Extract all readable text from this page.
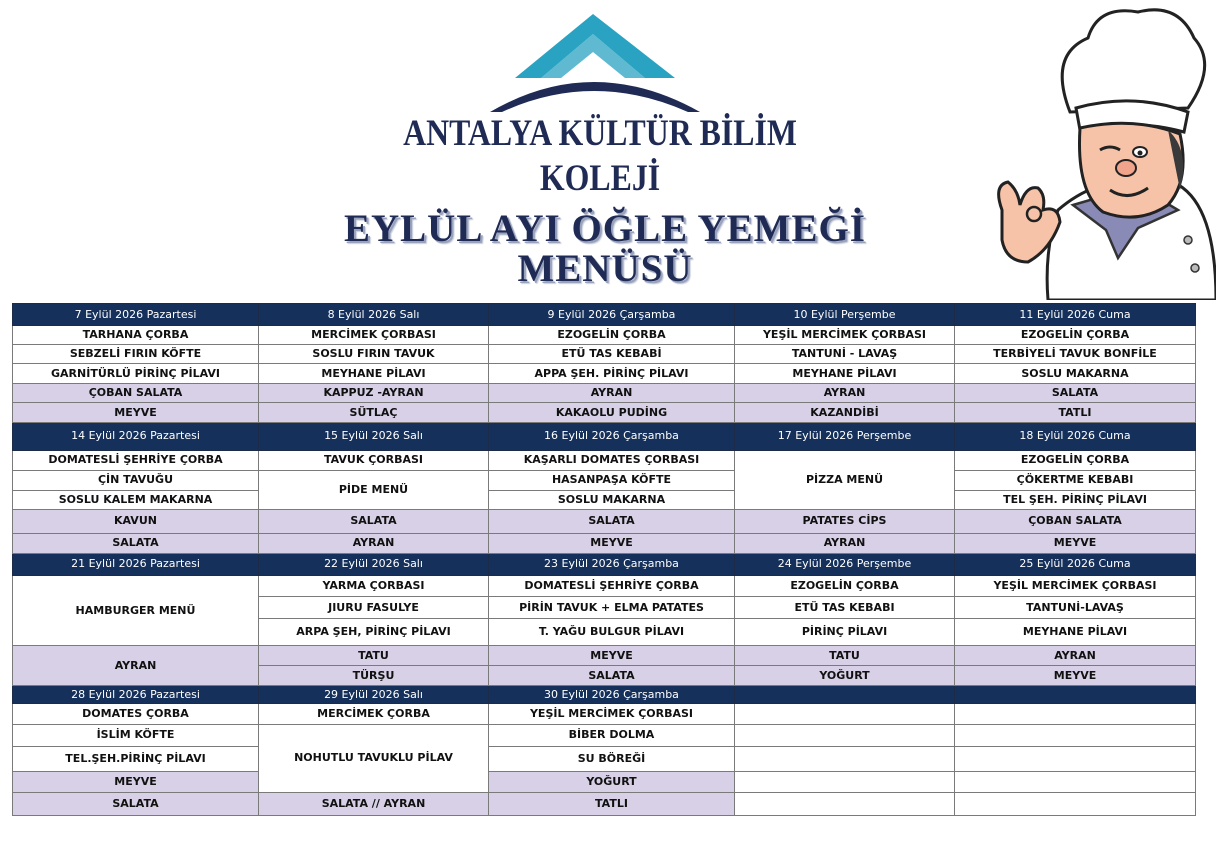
ANTALYA KÜLTÜR BİLİM
KOLEJİ
EYLÜL AYI ÖĞLE YEMEĞİ
MENÜSÜ
7 Eylül 2026 Pazartesi	8 Eylül 2026 Salı	9 Eylül 2026 Çarşamba	10 Eylül Perşembe	11 Eylül 2026 Cuma
TARHANA ÇORBA	MERCİMEK ÇORBASI	EZOGELİN ÇORBA	YEŞİL MERCİMEK ÇORBASI	EZOGELİN ÇORBA
SEBZELİ FIRIN KÖFTE	SOSLU FIRIN TAVUK	ETÜ TAS KEBABİ	TANTUNİ - LAVAŞ	TERBİYELİ TAVUK BONFİLE
GARNİTÜRLÜ PİRİNÇ PİLAVI	MEYHANE PİLAVI	APPA ŞEH. PİRİNÇ PİLAVI	MEYHANE PİLAVI	SOSLU MAKARNA
ÇOBAN SALATA	KAPPUZ -AYRAN	AYRAN	AYRAN	SALATA
MEYVE	SÜTLAÇ	KAKAOLU PUDİNG	KAZANDİBİ	TATLI
14 Eylül 2026 Pazartesi	15 Eylül 2026 Salı	16 Eylül 2026 Çarşamba	17 Eylül 2026 Perşembe	18 Eylül 2026 Cuma
DOMATESLİ ŞEHRİYE ÇORBA	TAVUK ÇORBASI	KAŞARLI DOMATES ÇORBASI	PİZZA MENÜ	EZOGELİN ÇORBA
ÇİN TAVUĞU	PİDE MENÜ	HASANPAŞA KÖFTE		ÇÖKERTME KEBABI
SOSLU KALEM MAKARNA		SOSLU MAKARNA		TEL ŞEH. PİRİNÇ PİLAVI
KAVUN	SALATA	SALATA	PATATES CİPS	ÇOBAN SALATA
SALATA	AYRAN	MEYVE	AYRAN	MEYVE
21 Eylül 2026 Pazartesi	22 Eylül 2026 Salı	23 Eylül 2026 Çarşamba	24 Eylül 2026 Perşembe	25 Eylül 2026 Cuma
HAMBURGER MENÜ	YARMA ÇORBASI	DOMATESLİ ŞEHRİYE ÇORBA	EZOGELİN ÇORBA	YEŞİL MERCİMEK ÇORBASI
	JIURU FASULYE	PİRİN TAVUK + ELMA PATATES	ETÜ TAS KEBABI	TANTUNİ-LAVAŞ
	ARPA ŞEH, PİRİNÇ PİLAVI	T. YAĞU BULGUR PİLAVI	PİRİNÇ PİLAVI	MEYHANE PİLAVI
AYRAN	TATU	MEYVE	TATU	AYRAN
	TÜRŞU	SALATA	YOĞURT	MEYVE
28 Eylül 2026 Pazartesi	29 Eylül 2026 Salı	30 Eylül 2026 Çarşamba		
DOMATES ÇORBA	MERCİMEK ÇORBA	YEŞİL MERCİMEK ÇORBASI		
İSLİM KÖFTE	NOHUTLU TAVUKLU PİLAV	BİBER DOLMA		
TEL.ŞEH.PİRİNÇ PİLAVI		SU BÖREĞİ		
MEYVE		YOĞURT		
SALATA	SALATA // AYRAN	TATLI		
